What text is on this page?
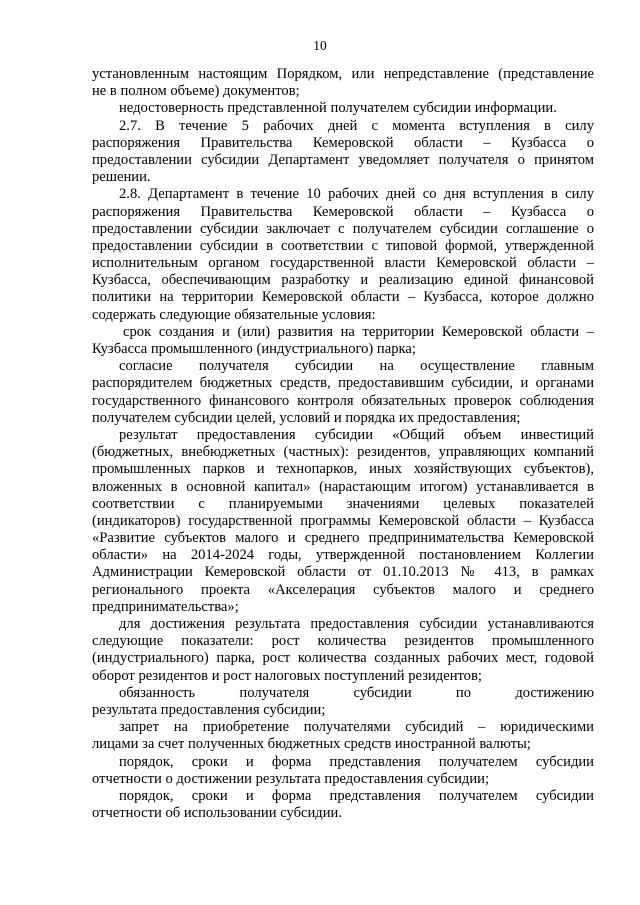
10
установленным настоящим Порядком, или непредставление (представление
не в полном объеме) документов;
недостоверность представленной получателем субсидии информации.
2.7. В течение 5 рабочих дней с момента вступления в силу
распоряжения Правительства Кемеровской области – Кузбасса о
предоставлении субсидии Департамент уведомляет получателя о принятом
решении.
2.8. Департамент в течение 10 рабочих дней со дня вступления в силу
распоряжения Правительства Кемеровской области – Кузбасса о
предоставлении субсидии заключает с получателем субсидии соглашение о
предоставлении субсидии в соответствии с типовой формой, утвержденной
исполнительным органом государственной власти Кемеровской области –
Кузбасса, обеспечивающим разработку и реализацию единой финансовой
политики на территории Кемеровской области – Кузбасса, которое должно
содержать следующие обязательные условия:
срок создания и (или) развития на территории Кемеровской области –
Кузбасса промышленного (индустриального) парка;
согласие получателя субсидии на осуществление главным
распорядителем бюджетных средств, предоставившим субсидии, и органами
государственного финансового контроля обязательных проверок соблюдения
получателем субсидии целей, условий и порядка их предоставления;
результат предоставления субсидии «Общий объем инвестиций
(бюджетных, внебюджетных (частных): резидентов, управляющих компаний
промышленных парков и технопарков, иных хозяйствующих субъектов),
вложенных в основной капитал» (нарастающим итогом) устанавливается в
соответствии с планируемыми значениями целевых показателей
(индикаторов) государственной программы Кемеровской области – Кузбасса
«Развитие субъектов малого и среднего предпринимательства Кемеровской
области» на 2014-2024 годы, утвержденной постановлением Коллегии
Администрации Кемеровской области от 01.10.2013 № 413, в рамках
регионального проекта «Акселерация субъектов малого и среднего
предпринимательства»;
для достижения результата предоставления субсидии устанавливаются
следующие показатели: рост количества резидентов промышленного
(индустриального) парка, рост количества созданных рабочих мест, годовой
оборот резидентов и рост налоговых поступлений резидентов;
обязанность получателя субсидии по достижению
результата предоставления субсидии;
запрет на приобретение получателями субсидий – юридическими
лицами за счет полученных бюджетных средств иностранной валюты;
порядок, сроки и форма представления получателем субсидии
отчетности о достижении результата предоставления субсидии;
порядок, сроки и форма представления получателем субсидии
отчетности об использовании субсидии.
